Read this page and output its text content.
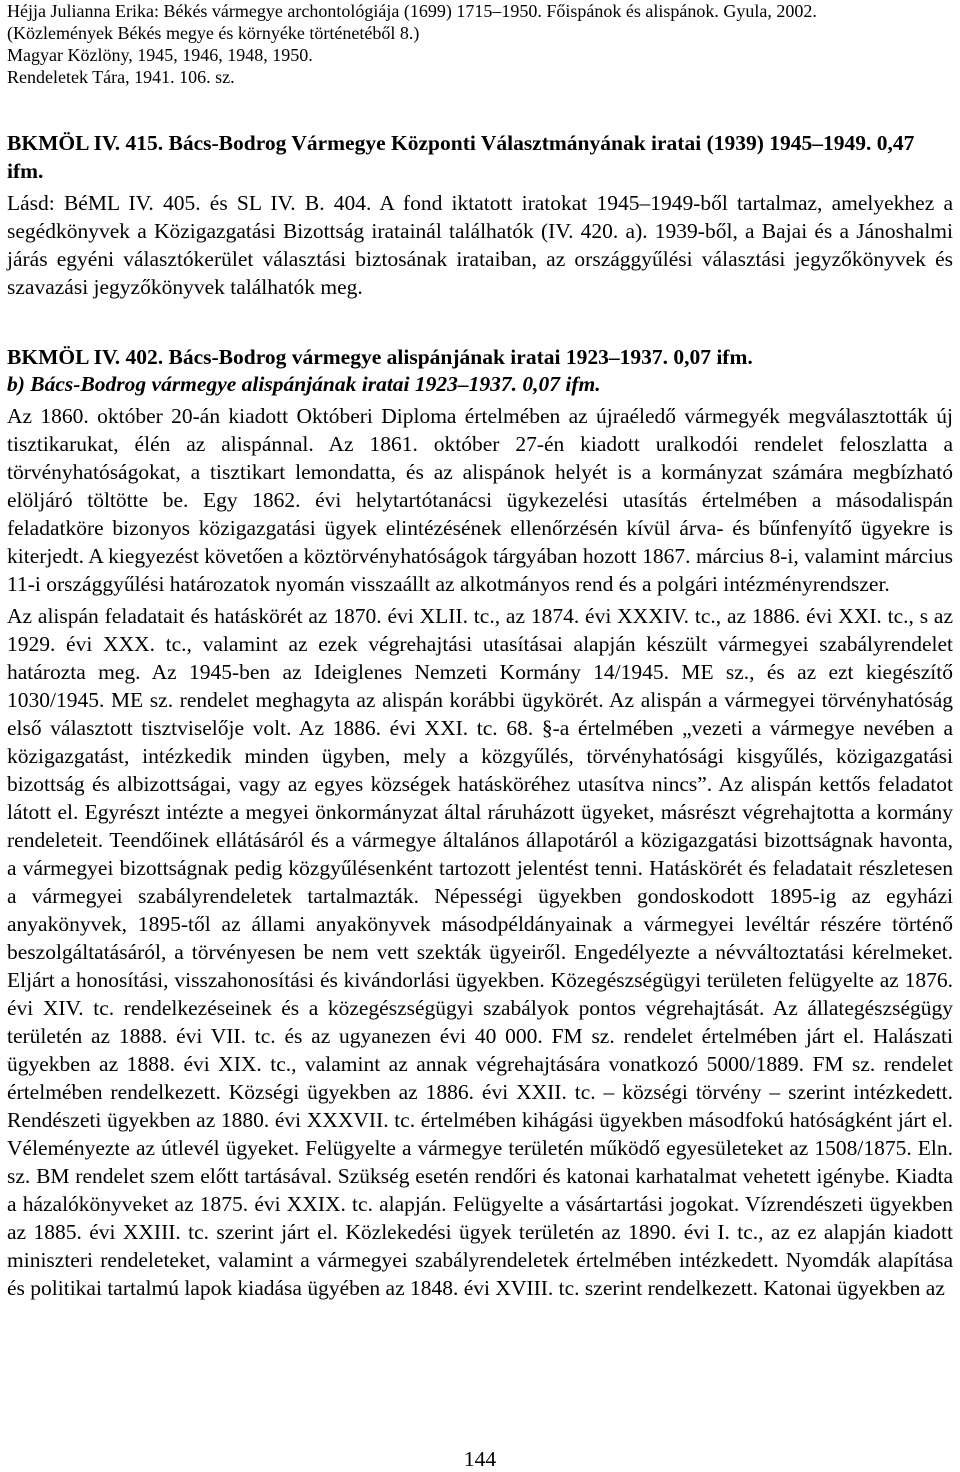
Héjja Julianna Erika: Békés vármegye archontológiája (1699) 1715–1950. Főispánok és alispánok. Gyula, 2002.
(Közlemények Békés megye és környéke történetéből 8.)
Magyar Közlöny, 1945, 1946, 1948, 1950.
Rendeletek Tára, 1941. 106. sz.
BKMÖL IV. 415. Bács-Bodrog Vármegye Központi Választmányának iratai (1939) 1945–1949. 0,47 ifm.

Lásd: BéML IV. 405. és SL IV. B. 404. A fond iktatott iratokat 1945–1949-ből tartalmaz, amelyekhez a segédkönyvek a Közigazgatási Bizottság iratainál találhatók (IV. 420. a). 1939-ből, a Bajai és a Jánoshalmi járás egyéni választókerület választási biztosának irataiban, az országgyűlési választási jegyzőkönyvek és szavazási jegyzőkönyvek találhatók meg.

BKMÖL IV. 402. Bács-Bodrog vármegye alispánjának iratai 1923–1937. 0,07 ifm.
b) Bács-Bodrog vármegye alispánjának iratai 1923–1937. 0,07 ifm.

Az 1860. október 20-án kiadott Októberi Diploma értelmében az újraéledő vármegyék megválasztották új tisztikarukat, élén az alispánnal. Az 1861. október 27-én kiadott uralkodói rendelet feloszlatta a törvényhatóságokat, a tisztikart lemondatta, és az alispánok helyét is a kormányzat számára megbízható elöljáró töltötte be. Egy 1862. évi helytartótanácsi ügykezelési utasítás értelmében a másodalispán feladatköre bizonyos közigazgatási ügyek elintézésének ellenőrzésén kívül árva- és bűnfenyítő ügyekre is kiterjedt. A kiegyezést követően a köztörvényhatóságok tárgyában hozott 1867. március 8-i, valamint március 11-i országgyűlési határozatok nyomán visszaállt az alkotmányos rend és a polgári intézményrendszer.

Az alispán feladatait és hatáskörét az 1870. évi XLII. tc., az 1874. évi XXXIV. tc., az 1886. évi XXI. tc., s az 1929. évi XXX. tc., valamint az ezek végrehajtási utasításai alapján készült vármegyei szabályrendelet határozta meg. Az 1945-ben az Ideiglenes Nemzeti Kormány 14/1945. ME sz., és az ezt kiegészítő 1030/1945. ME sz. rendelet meghagyta az alispán korábbi ügykörét. Az alispán a vármegyei törvényhatóság első választott tisztviselője volt. Az 1886. évi XXI. tc. 68. §-a értelmében „vezeti a vármegye nevében a közigazgatást, intézkedik minden ügyben, mely a közgyűlés, törvényhatósági kisgyűlés, közigazgatási bizottság és albizottságai, vagy az egyes községek hatásköréhez utasítva nincs”. Az alispán kettős feladatot látott el. Egyrészt intézte a megyei önkormányzat által ráruházott ügyeket, másrészt végrehajtotta a kormány rendeleteit. Teendőinek ellátásáról és a vármegye általános állapotáról a közigazgatási bizottságnak havonta, a vármegyei bizottságnak pedig közgyűlésenként tartozott jelentést tenni. Hatáskörét és feladatait részletesen a vármegyei szabályrendeletek tartalmazták. Népességi ügyekben gondoskodott 1895-ig az egyházi anyakönyvek, 1895-től az állami anyakönyvek másodpéldányainak a vármegyei levéltár részére történő beszolgáltatásáról, a törvényesen be nem vett szekták ügyeiről. Engedélyezte a névváltoztatási kérelmeket. Eljárt a honosítási, visszahonosítási és kivándorlási ügyekben. Közegészségügyi területen felügyelte az 1876. évi XIV. tc. rendelkezéseinek és a közegészségügyi szabályok pontos végrehajtását. Az állategészségügy területén az 1888. évi VII. tc. és az ugyanezen évi 40 000. FM sz. rendelet értelmében járt el. Halászati ügyekben az 1888. évi XIX. tc., valamint az annak végrehajtására vonatkozó 5000/1889. FM sz. rendelet értelmében rendelkezett. Községi ügyekben az 1886. évi XXII. tc. – községi törvény – szerint intézkedett. Rendészeti ügyekben az 1880. évi XXXVII. tc. értelmében kihágási ügyekben másodfokú hatóságként járt el. Véleményezte az útlevél ügyeket. Felügyelte a vármegye területén működő egyesületeket az 1508/1875. Eln. sz. BM rendelet szem előtt tartásával. Szükség esetén rendőri és katonai karhatalmat vehetett igénybe. Kiadta a házalókönyveket az 1875. évi XXIX. tc. alapján. Felügyelte a vásártartási jogokat. Vízrendészeti ügyekben az 1885. évi XXIII. tc. szerint járt el. Közlekedési ügyek területén az 1890. évi I. tc., az ez alapján kiadott miniszteri rendeleteket, valamint a vármegyei szabályrendeletek értelmében intézkedett. Nyomdák alapítása és politikai tartalmú lapok kiadása ügyében az 1848. évi XVIII. tc. szerint rendelkezett. Katonai ügyekben az

144
